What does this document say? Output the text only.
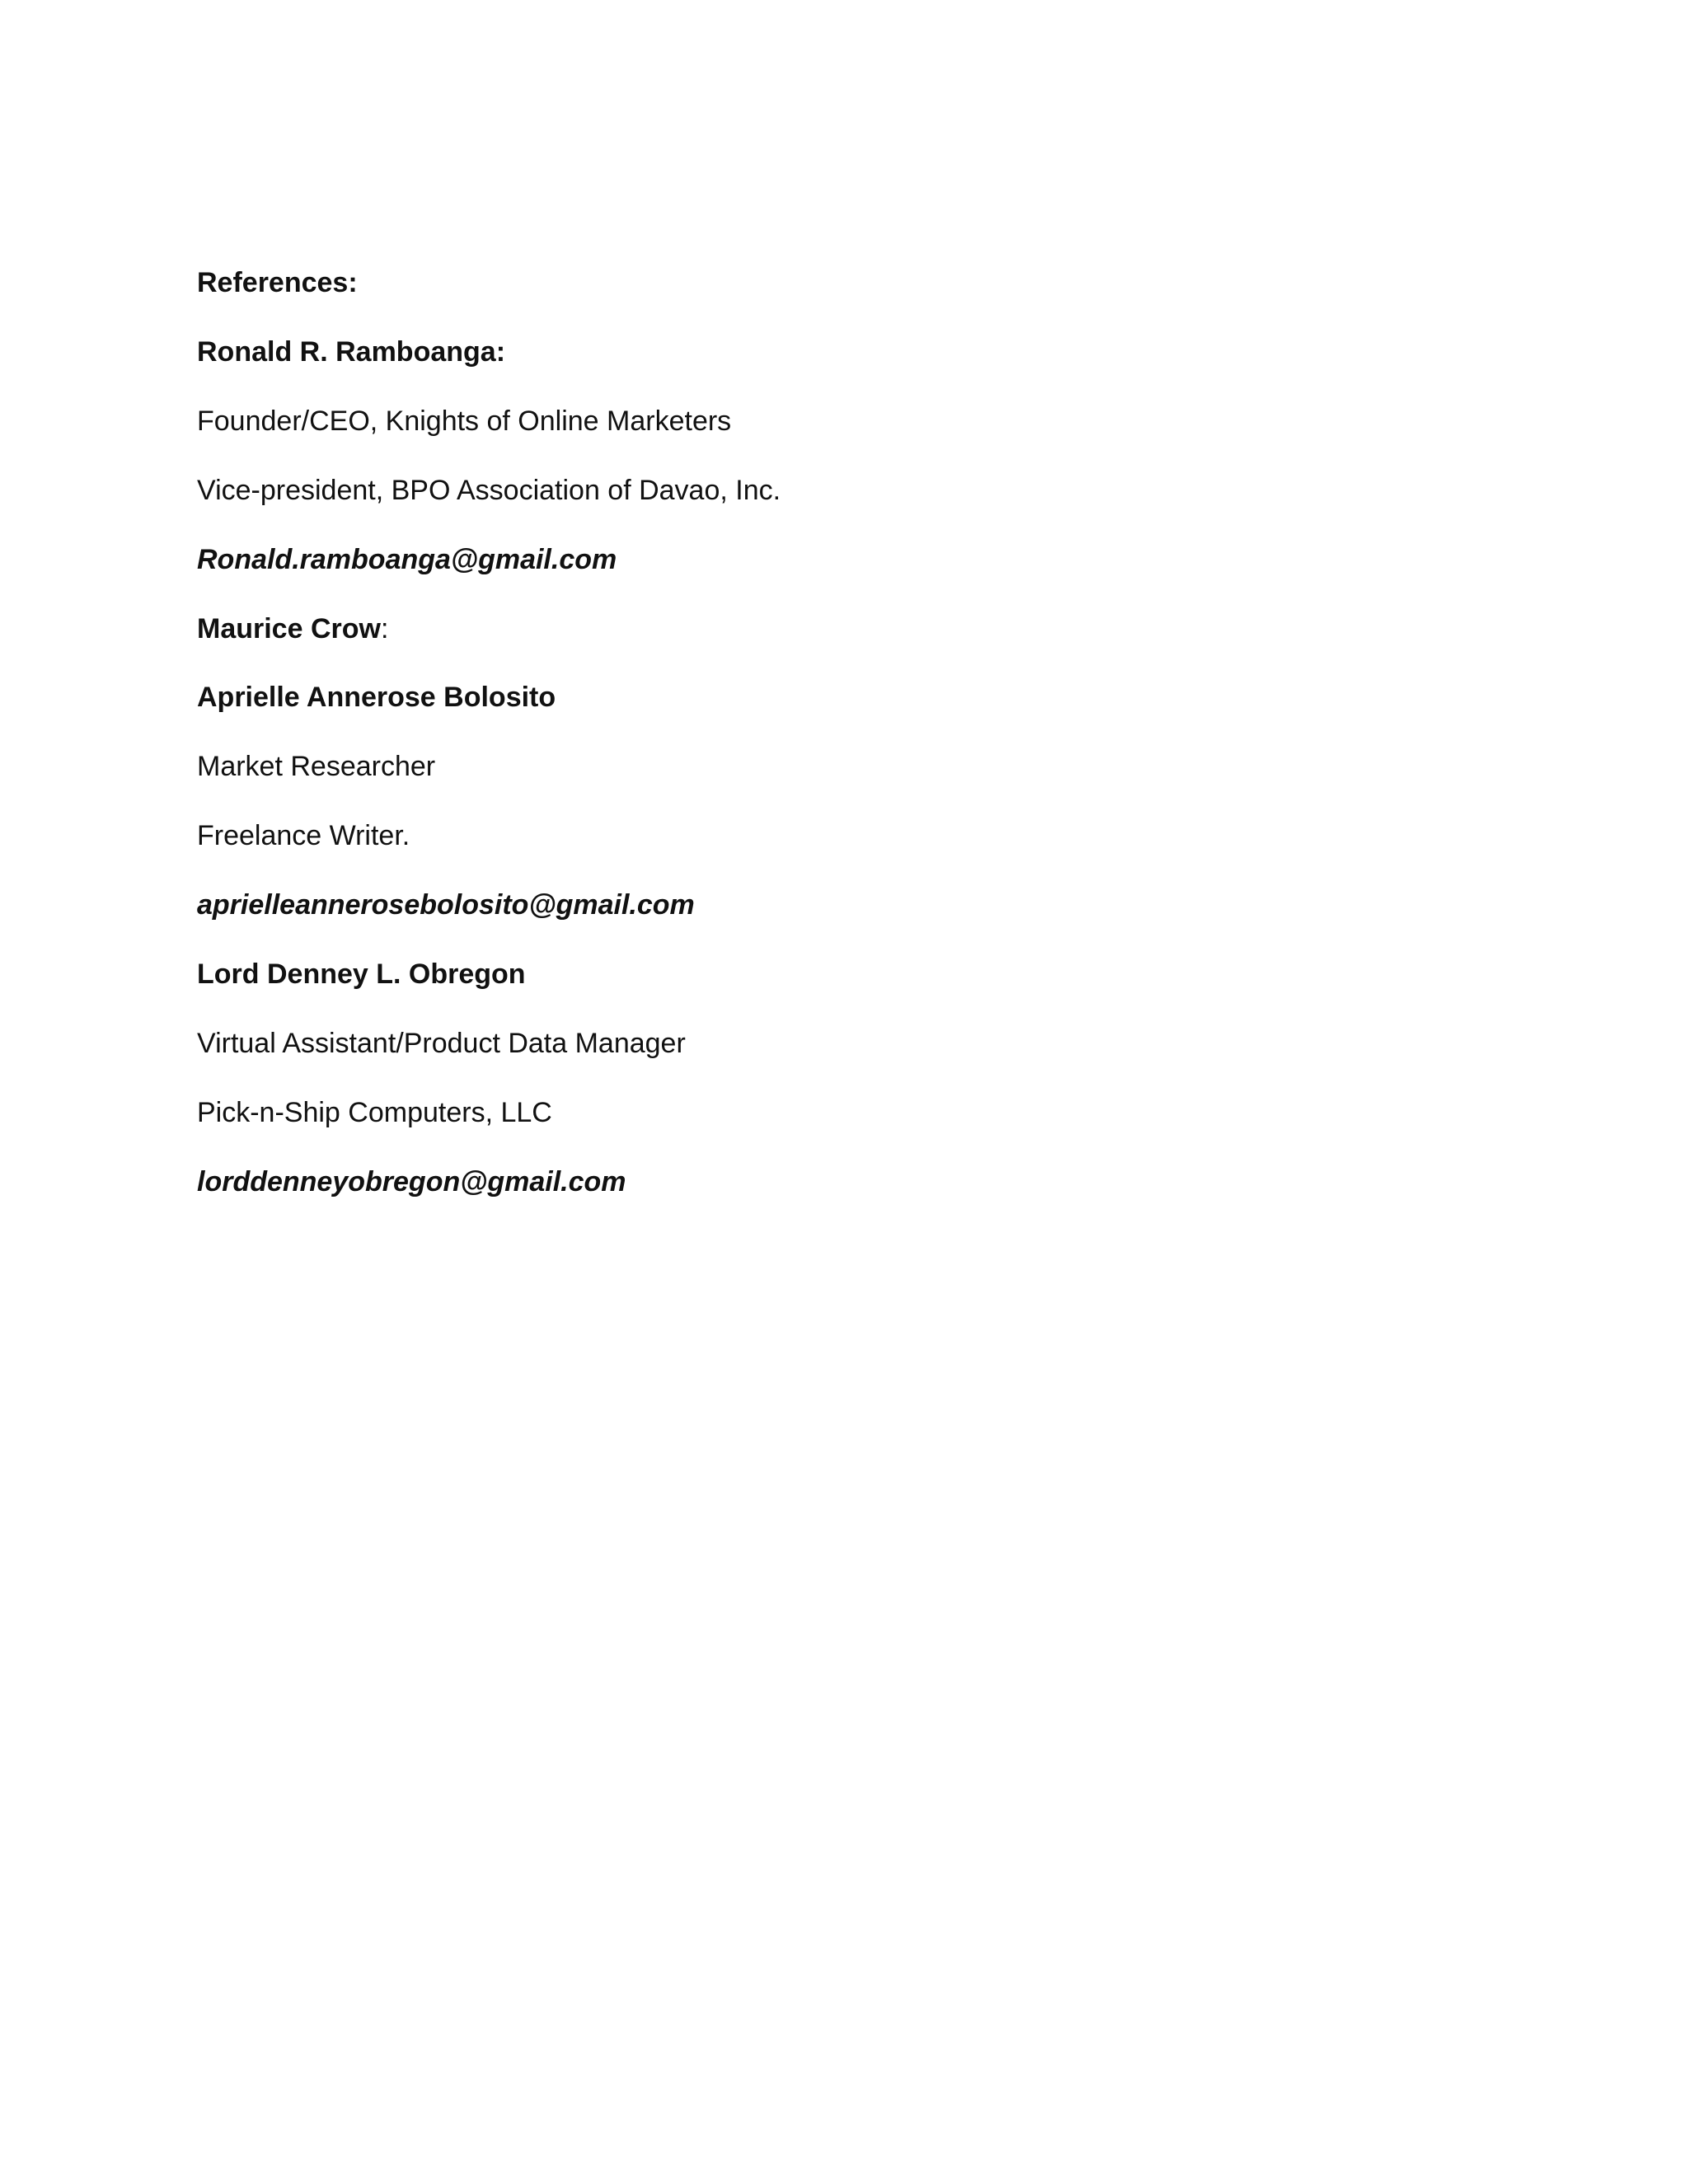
References:
Ronald R. Ramboanga:
Founder/CEO, Knights of Online Marketers
Vice-president, BPO Association of Davao, Inc.
Ronald.ramboanga@gmail.com
Maurice Crow:
Aprielle Annerose Bolosito
Market Researcher
Freelance Writer.
aprielleannerosebolosito@gmail.com
Lord Denney L. Obregon
Virtual Assistant/Product Data Manager
Pick-n-Ship Computers, LLC
lorddenneyobregon@gmail.com
